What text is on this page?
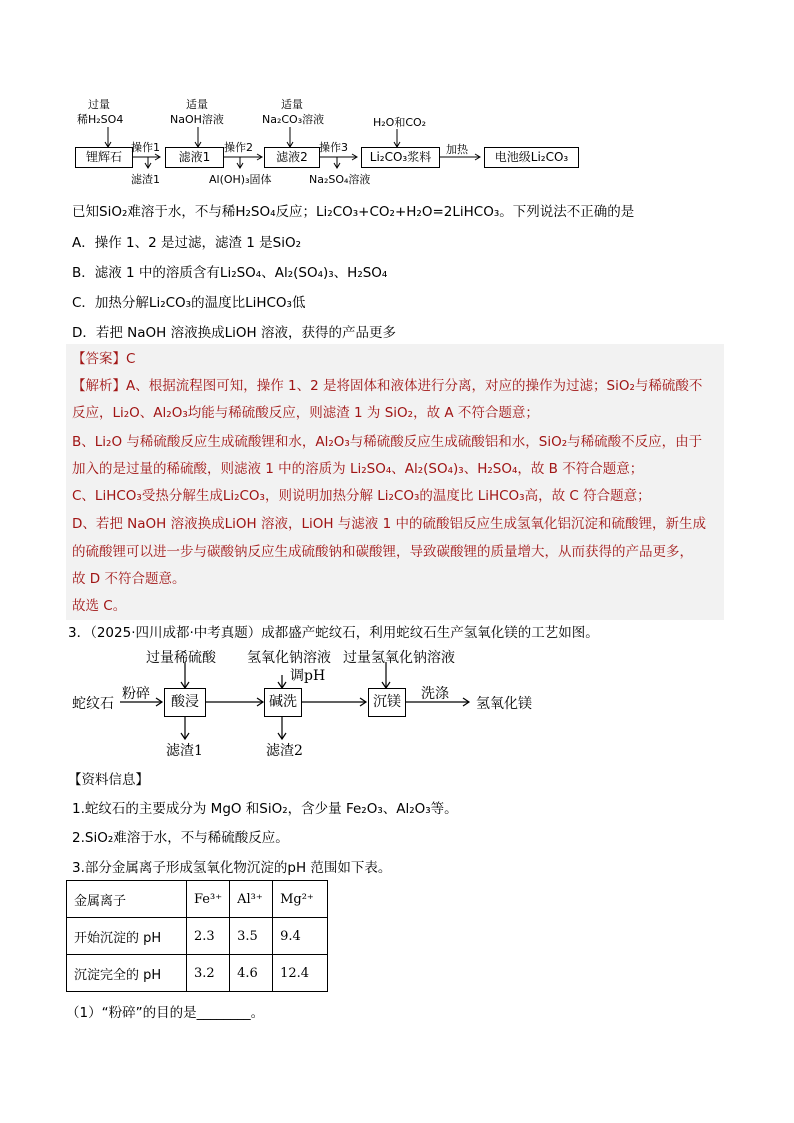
锂辉石	滤液1	滤液2	Li₂CO₃浆料	电池级Li₂CO₃
过量
稀H₂SO4
适量
NaOH溶液
适量
Na₂CO₃溶液	H₂O和CO₂
操作1	操作2	操作3	加热
滤渣1	Al(OH)₃固体	Na₂SO₄溶液
已知SiO₂难溶于水，不与稀H₂SO₄反应；Li₂CO₃+CO₂+H₂O=2LiHCO₃。下列说法不正确的是
A．操作 1、2 是过滤，滤渣 1 是SiO₂
B．滤液 1 中的溶质含有Li₂SO₄、Al₂(SO₄)₃、H₂SO₄
C．加热分解Li₂CO₃的温度比LiHCO₃低
D．若把 NaOH 溶液换成LiOH 溶液，获得的产品更多
【答案】C
【解析】A、根据流程图可知，操作 1、2 是将固体和液体进行分离，对应的操作为过滤；SiO₂与稀硫酸不
反应，Li₂O、Al₂O₃均能与稀硫酸反应，则滤渣 1 为 SiO₂，故 A 不符合题意；
B、Li₂O 与稀硫酸反应生成硫酸锂和水，Al₂O₃与稀硫酸反应生成硫酸铝和水，SiO₂与稀硫酸不反应，由于
加入的是过量的稀硫酸，则滤液 1 中的溶质为 Li₂SO₄、Al₂(SO₄)₃、H₂SO₄，故 B 不符合题意；
C、LiHCO₃受热分解生成Li₂CO₃，则说明加热分解 Li₂CO₃的温度比 LiHCO₃高，故 C 符合题意；
D、若把 NaOH 溶液换成LiOH 溶液，LiOH 与滤液 1 中的硫酸铝反应生成氢氧化铝沉淀和硫酸锂，新生成
的硫酸锂可以进一步与碳酸钠反应生成硫酸钠和碳酸锂，导致碳酸锂的质量增大，从而获得的产品更多，
故 D 不符合题意。
故选 C。
3．（2025·四川成都·中考真题）成都盛产蛇纹石，利用蛇纹石生产氢氧化镁的工艺如图。
蛇纹石
粉碎	酸浸	碱洗	沉镁
过量稀硫酸 氢氧化钠溶液
调pH
过量氢氧化钠溶液
洗涤
氢氧化镁
滤渣1	滤渣2
【资料信息】
1.蛇纹石的主要成分为 MgO 和SiO₂，含少量 Fe₂O₃、Al₂O₃等。
2.SiO₂难溶于水，不与稀硫酸反应。
3.部分金属离子形成氢氧化物沉淀的pH 范围如下表。
金属离子	Fe³⁺	Al³⁺	Mg²⁺
开始沉淀的 pH	2.3	3.5	9.4
沉淀完全的 pH	3.2	4.6	12.4
（1）“粉碎”的目的是________。
